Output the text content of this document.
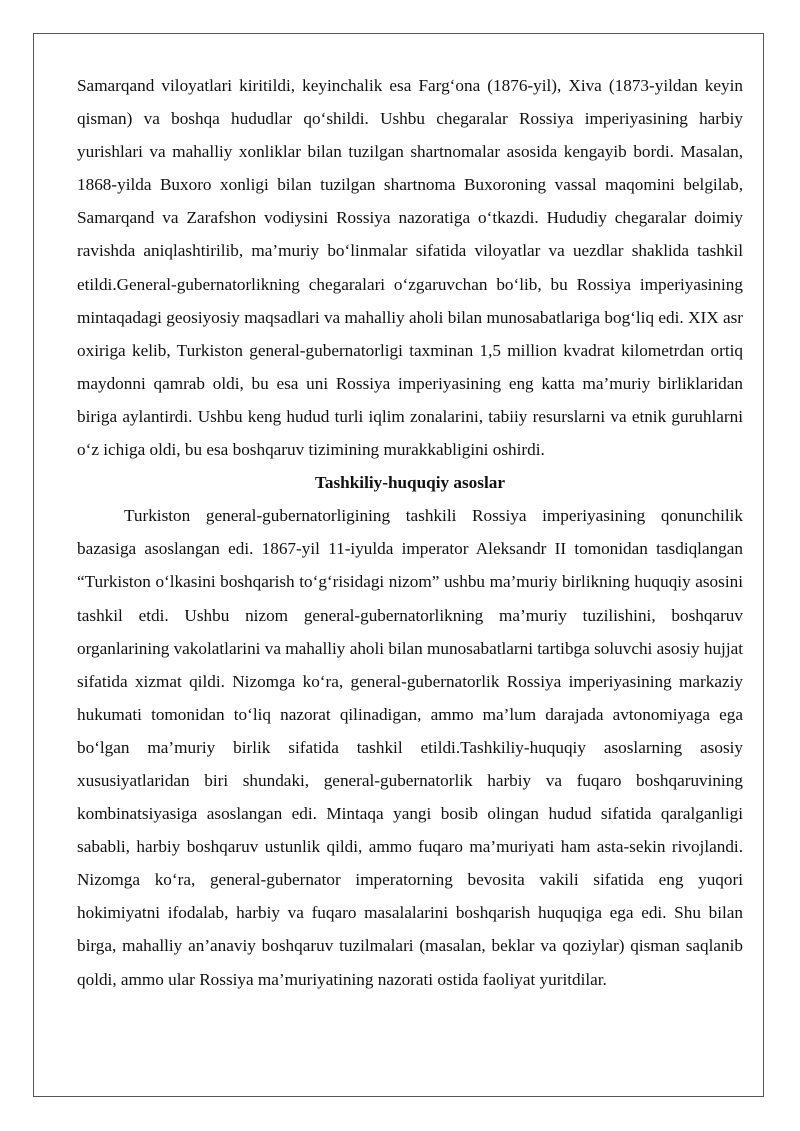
Samarqand viloyatlari kiritildi, keyinchalik esa Farg‘ona (1876-yil), Xiva (1873-yildan keyin qisman) va boshqa hududlar qo‘shildi. Ushbu chegaralar Rossiya imperiyasining harbiy yurishlari va mahalliy xonliklar bilan tuzilgan shartnomalar asosida kengayib bordi. Masalan, 1868-yilda Buxoro xonligi bilan tuzilgan shartnoma Buxoroning vassal maqomini belgilab, Samarqand va Zarafshon vodiysini Rossiya nazoratiga o‘tkazdi. Hududiy chegaralar doimiy ravishda aniqlashtirilib, ma’muriy bo‘linmalar sifatida viloyatlar va uezdlar shaklida tashkil etildi.General-gubernatorlikning chegaralari o‘zgaruvchan bo‘lib, bu Rossiya imperiyasining mintaqadagi geosiyosiy maqsadlari va mahalliy aholi bilan munosabatlariga bog‘liq edi. XIX asr oxiriga kelib, Turkiston general-gubernatorligi taxminan 1,5 million kvadrat kilometrdan ortiq maydonni qamrab oldi, bu esa uni Rossiya imperiyasining eng katta ma’muriy birliklaridan biriga aylantirdi. Ushbu keng hudud turli iqlim zonalarini, tabiiy resurslarni va etnik guruhlarni o‘z ichiga oldi, bu esa boshqaruv tizimining murakkabligini oshirdi.

Tashkiliy-huquqiy asoslar

Turkiston general-gubernatorligining tashkili Rossiya imperiyasining qonunchilik bazasiga asoslangan edi. 1867-yil 11-iyulda imperator Aleksandr II tomonidan tasdiqlangan “Turkiston o‘lkasini boshqarish to‘g‘risidagi nizom” ushbu ma’muriy birlikning huquqiy asosini tashkil etdi. Ushbu nizom general-gubernatorlikning ma’muriy tuzilishini, boshqaruv organlarining vakolatlarini va mahalliy aholi bilan munosabatlarni tartibga soluvchi asosiy hujjat sifatida xizmat qildi. Nizomga ko‘ra, general-gubernatorlik Rossiya imperiyasining markaziy hukumati tomonidan to‘liq nazorat qilinadigan, ammo ma’lum darajada avtonomiyaga ega bo‘lgan ma’muriy birlik sifatida tashkil etildi.Tashkiliy-huquqiy asoslarning asosiy xususiyatlaridan biri shundaki, general-gubernatorlik harbiy va fuqaro boshqaruvining kombinatsiyasiga asoslangan edi. Mintaqa yangi bosib olingan hudud sifatida qaralganligi sababli, harbiy boshqaruv ustunlik qildi, ammo fuqaro ma’muriyati ham asta-sekin rivojlandi. Nizomga ko‘ra, general-gubernator imperatorning bevosita vakili sifatida eng yuqori hokimiyatni ifodalab, harbiy va fuqaro masalalarini boshqarish huquqiga ega edi. Shu bilan birga, mahalliy an’anaviy boshqaruv tuzilmalari (masalan, beklar va qoziylar) qisman saqlanib qoldi, ammo ular Rossiya ma’muriyatining nazorati ostida faoliyat yuritdilar.
